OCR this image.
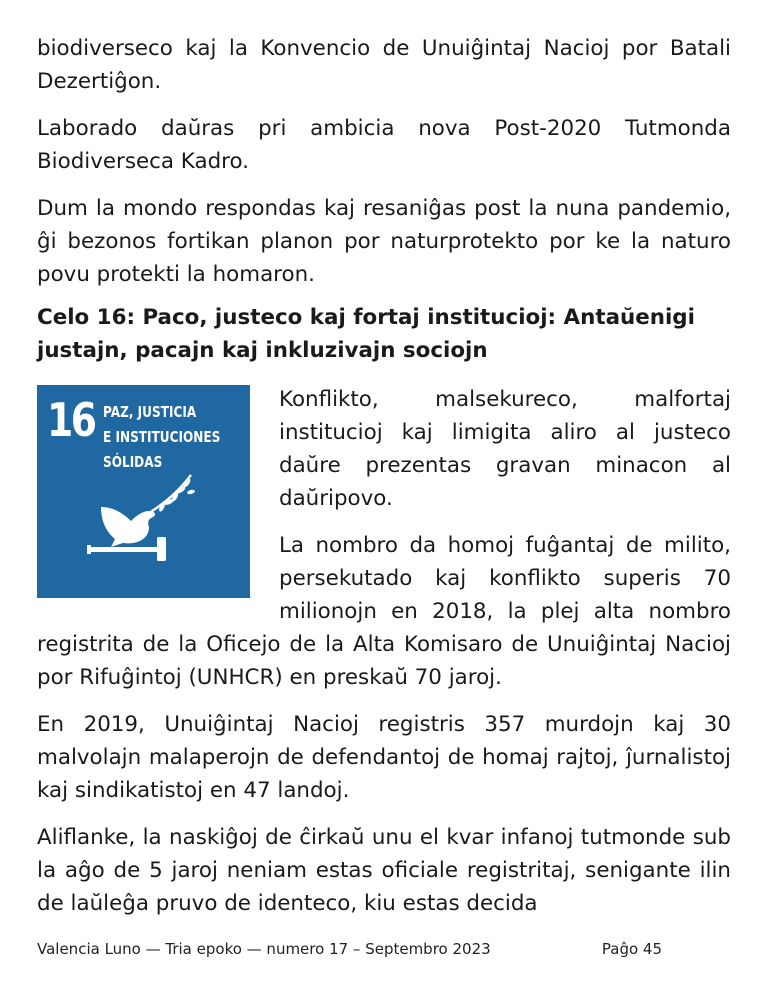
biodiverseco kaj la Konvencio de Unuiĝintaj Nacioj por Batali Dezertiĝon.

Laborado daŭras pri ambicia nova Post-2020 Tutmonda Biodiverseca Kadro.

Dum la mondo respondas kaj resaniĝas post la nuna pandemio, ĝi bezonos fortikan planon por naturprotekto por ke la naturo povu protekti la homaron.

Celo 16: Paco, justeco kaj fortaj institucioj: Antaŭenigi justajn, pacajn kaj inkluzivajn sociojn
16 PAZ, JUSTICIA
E INSTITUCIONES
SÓLIDAS

Konflikto, malsekureco, malfortaj institucioj kaj limigita aliro al justeco daŭre prezentas gravan minacon al daŭripovo.

La nombro da homoj fuĝantaj de milito, persekutado kaj konflikto superis 70 milionojn en 2018, la plej alta nombro registrita de la Oficejo de la Alta Komisaro de Unuiĝintaj Nacioj por Rifuĝintoj (UNHCR) en preskaŭ 70 jaroj.

En 2019, Unuiĝintaj Nacioj registris 357 murdojn kaj 30 malvolajn malaperojn de defendantoj de homaj rajtoj, ĵurnalistoj kaj sindikatistoj en 47 landoj.

Aliflanke, la naskiĝoj de ĉirkaŭ unu el kvar infanoj tutmonde sub la aĝo de 5 jaroj neniam estas oficiale registritaj, senigante ilin de laŭleĝa pruvo de identeco, kiu estas decida

Valencia Luno — Tria epoko — numero 17 – Septembro 2023	Paĝo 45
